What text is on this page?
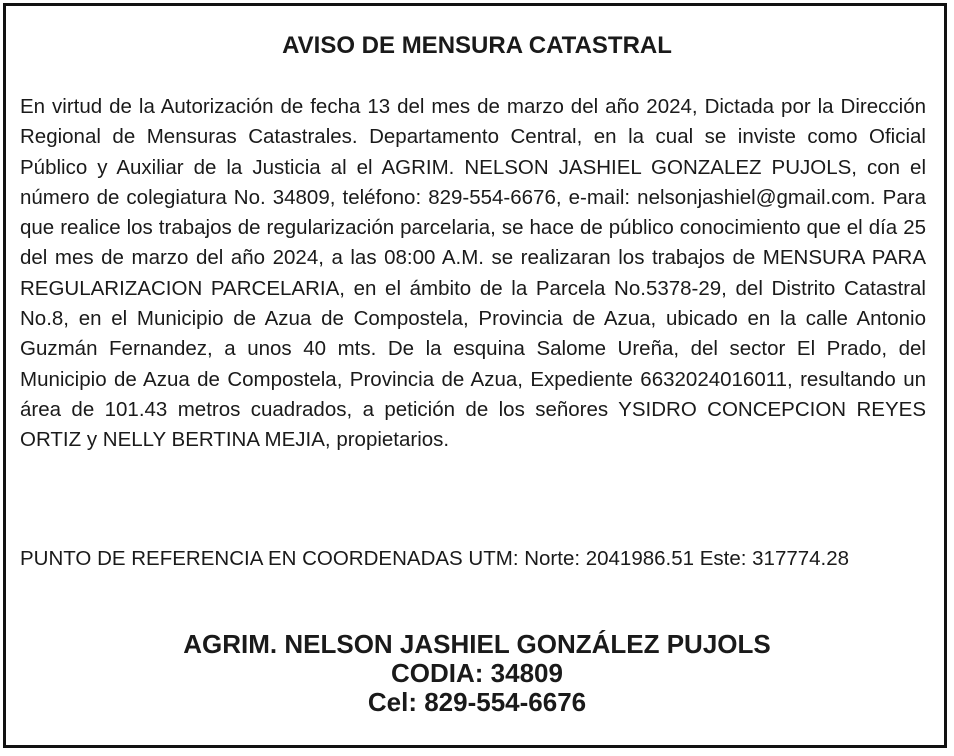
AVISO DE MENSURA CATASTRAL

En virtud de la Autorización de fecha 13 del mes de marzo del año 2024, Dictada por la Dirección Regional de Mensuras Catastrales. Departamento Central, en la cual se inviste como Oficial Público y Auxiliar de la Justicia al el AGRIM. NELSON JASHIEL GONZALEZ PUJOLS, con el número de colegiatura No. 34809, teléfono: 829-554-6676, e-mail: nelsonjashiel@gmail.com. Para que realice los trabajos de regularización parcelaria, se hace de público conocimiento que el día 25 del mes de marzo del año 2024, a las 08:00 A.M. se realizaran los trabajos de MENSURA PARA REGULARIZACION PARCELARIA, en el ámbito de la Parcela No.5378-29, del Distrito Catastral No.8, en el Municipio de Azua de Compostela, Provincia de Azua, ubicado en la calle Antonio Guzmán Fernandez, a unos 40 mts. De la esquina Salome Ureña, del sector El Prado, del Municipio de Azua de Compostela, Provincia de Azua, Expediente 6632024016011, resultando un área de 101.43 metros cuadrados, a petición de los señores YSIDRO CONCEPCION REYES ORTIZ y NELLY BERTINA MEJIA, propietarios.

PUNTO DE REFERENCIA EN COORDENADAS UTM: Norte: 2041986.51 Este: 317774.28

AGRIM. NELSON JASHIEL GONZÁLEZ PUJOLS
CODIA: 34809
Cel: 829-554-6676
